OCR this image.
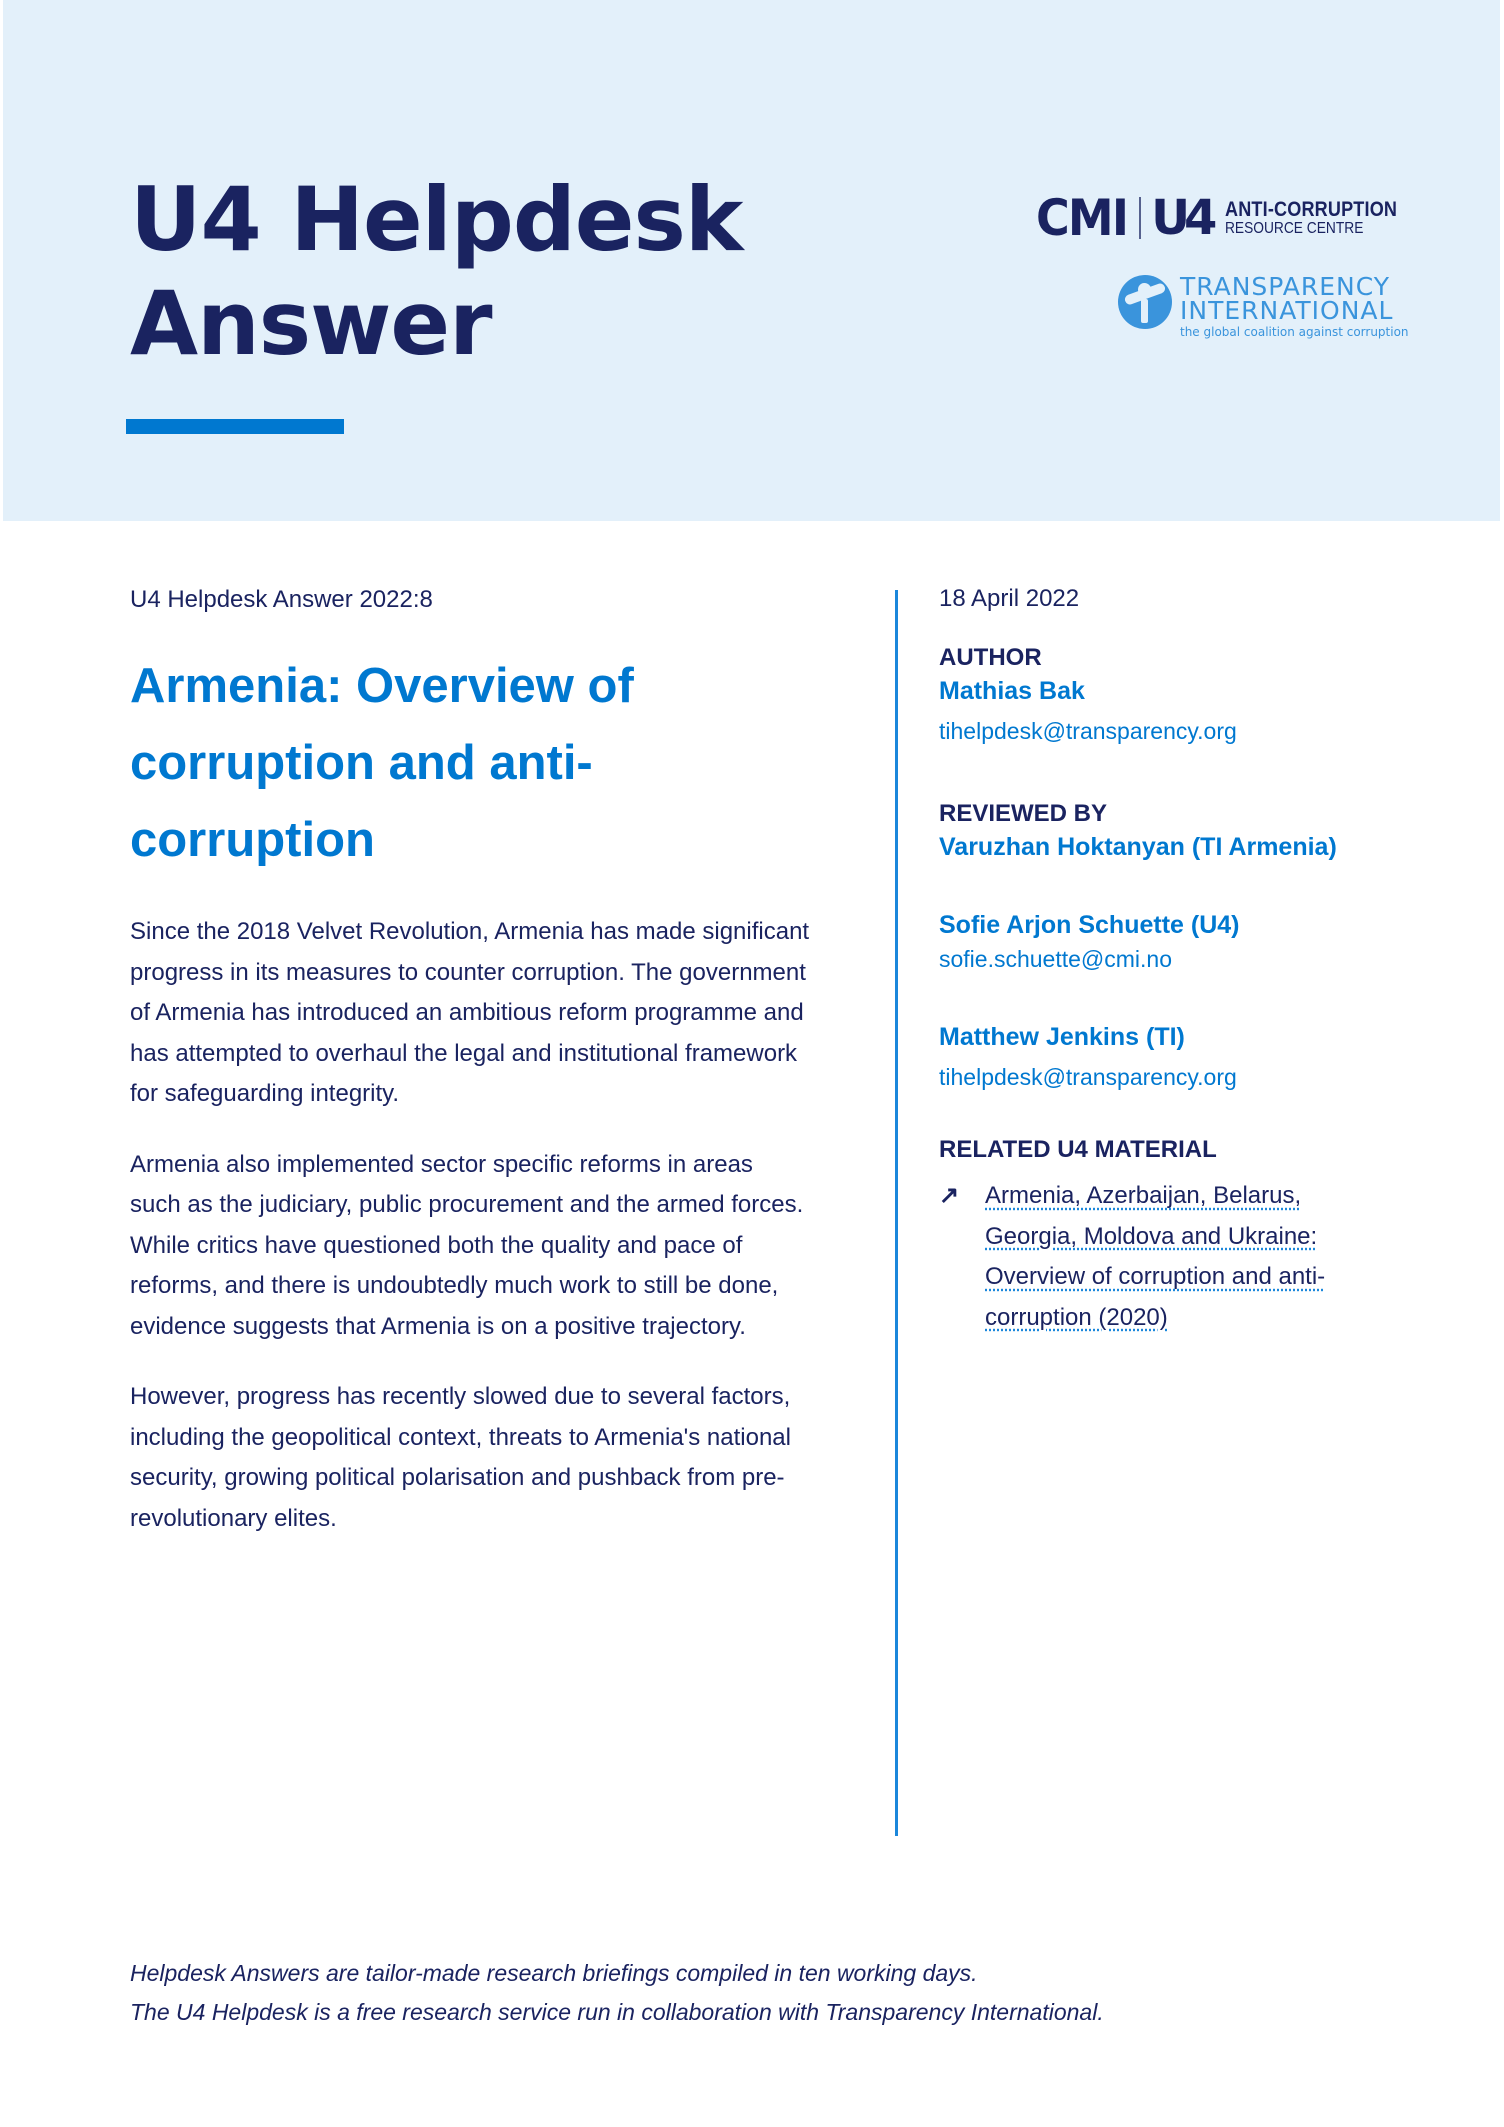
U4 Helpdesk
Answer
CMI U4 ANTI-CORRUPTION
RESOURCE CENTRE
TRANSPARENCY
INTERNATIONAL
the global coalition against corruption

U4 Helpdesk Answer 2022:8

Armenia: Overview of corruption and anti-corruption

Since the 2018 Velvet Revolution, Armenia has made significant progress in its measures to counter corruption. The government of Armenia has introduced an ambitious reform programme and has attempted to overhaul the legal and institutional framework for safeguarding integrity.

Armenia also implemented sector specific reforms in areas such as the judiciary, public procurement and the armed forces. While critics have questioned both the quality and pace of reforms, and there is undoubtedly much work to still be done, evidence suggests that Armenia is on a positive trajectory.

However, progress has recently slowed due to several factors, including the geopolitical context, threats to Armenia's national security, growing political polarisation and pushback from pre-revolutionary elites.

18 April 2022
AUTHOR
Mathias Bak
tihelpdesk@transparency.org
REVIEWED BY
Varuzhan Hoktanyan (TI Armenia)
Sofie Arjon Schuette (U4)
sofie.schuette@cmi.no
Matthew Jenkins (TI)
tihelpdesk@transparency.org
RELATED U4 MATERIAL
↗	Armenia, Azerbaijan, Belarus, Georgia, Moldova and Ukraine: Overview of corruption and anti-corruption (2020)
Helpdesk Answers are tailor-made research briefings compiled in ten working days.
The U4 Helpdesk is a free research service run in collaboration with Transparency International.
